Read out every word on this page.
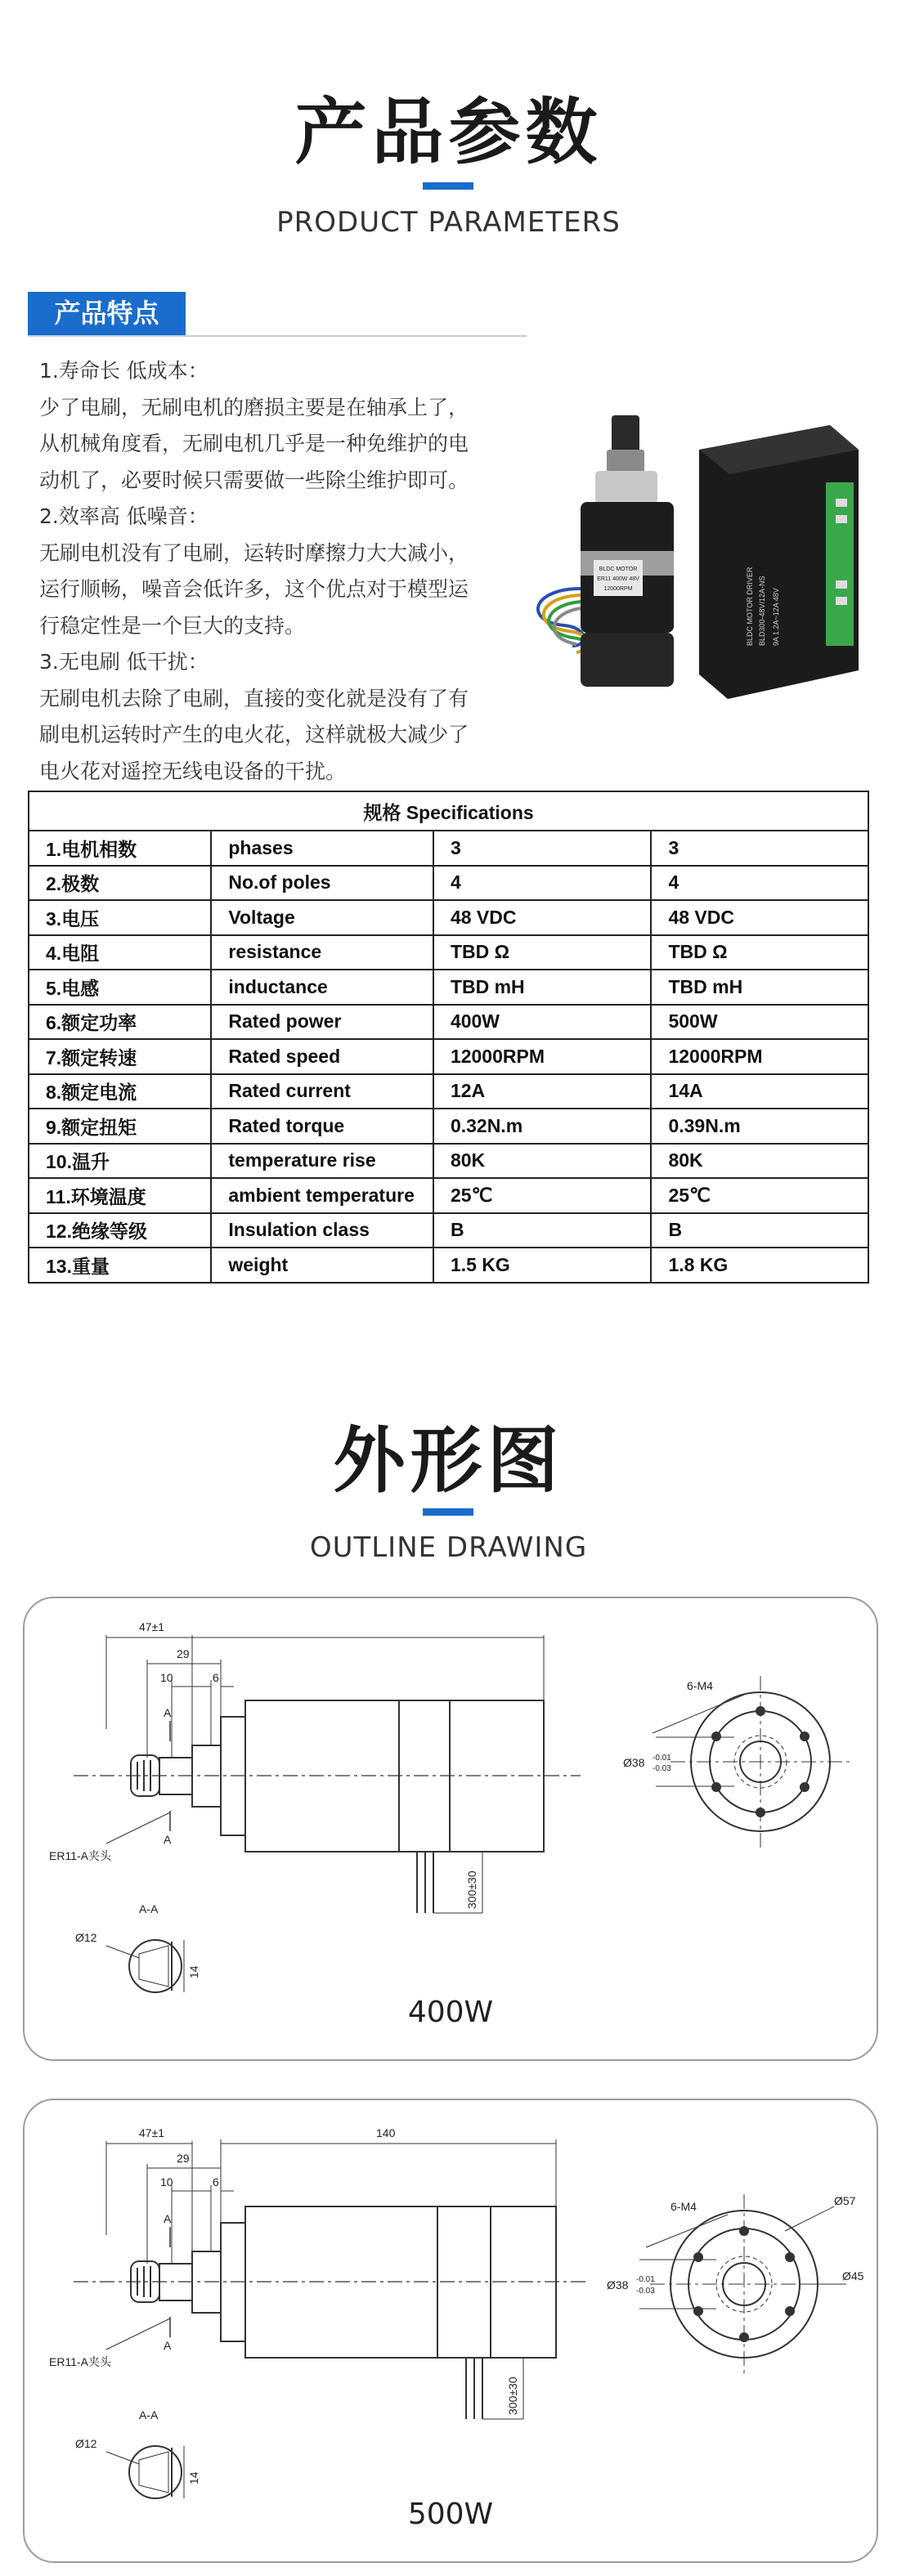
产品参数
PRODUCT PARAMETERS
产品特点

1.寿命长 低成本：

少了电刷，无刷电机的磨损主要是在轴承上了，

从机械角度看，无刷电机几乎是一种免维护的电

动机了，必要时候只需要做一些除尘维护即可。

2.效率高 低噪音：

无刷电机没有了电刷，运转时摩擦力大大减小，

运行顺畅，噪音会低许多，这个优点对于模型运

行稳定性是一个巨大的支持。

3.无电刷 低干扰：

无刷电机去除了电刷，直接的变化就是没有了有

刷电机运转时产生的电火花，这样就极大减少了

电火花对遥控无线电设备的干扰。

BLDC MOTOR
ER11 400W 48V
12000RPM	BLDC MOTOR DRIVER BLD300-48V/12A-NS 9A 1.2A~12A 48V
规格 Specifications			
1.电机相数	phases	3	3
2.极数	No.of poles	4	4
3.电压	Voltage	48 VDC	48 VDC
4.电阻	resistance	TBD Ω	TBD Ω
5.电感	inductance	TBD mH	TBD mH
6.额定功率	Rated power	400W	500W
7.额定转速	Rated speed	12000RPM	12000RPM
8.额定电流	Rated current	12A	14A
9.额定扭矩	Rated torque	0.32N.m	0.39N.m
10.温升	temperature rise	80K	80K
11.环境温度	ambient temperature	25℃	25℃
12.绝缘等级	Insulation class	B	B
13.重量	weight	1.5 KG	1.8 KG
外形图
OUTLINE DRAWING
47±1
29
10	6
A
A
ER11-A夹头
A-A
Ø12
14
300±30
6-M4
Ø38 -0.01
-0.03
400W
47±1	140
29
10	6
A
A
ER11-A夹头
A-A
Ø12
14
300±30
6-M4
Ø38 -0.01
-0.03
Ø57
Ø45
500W
